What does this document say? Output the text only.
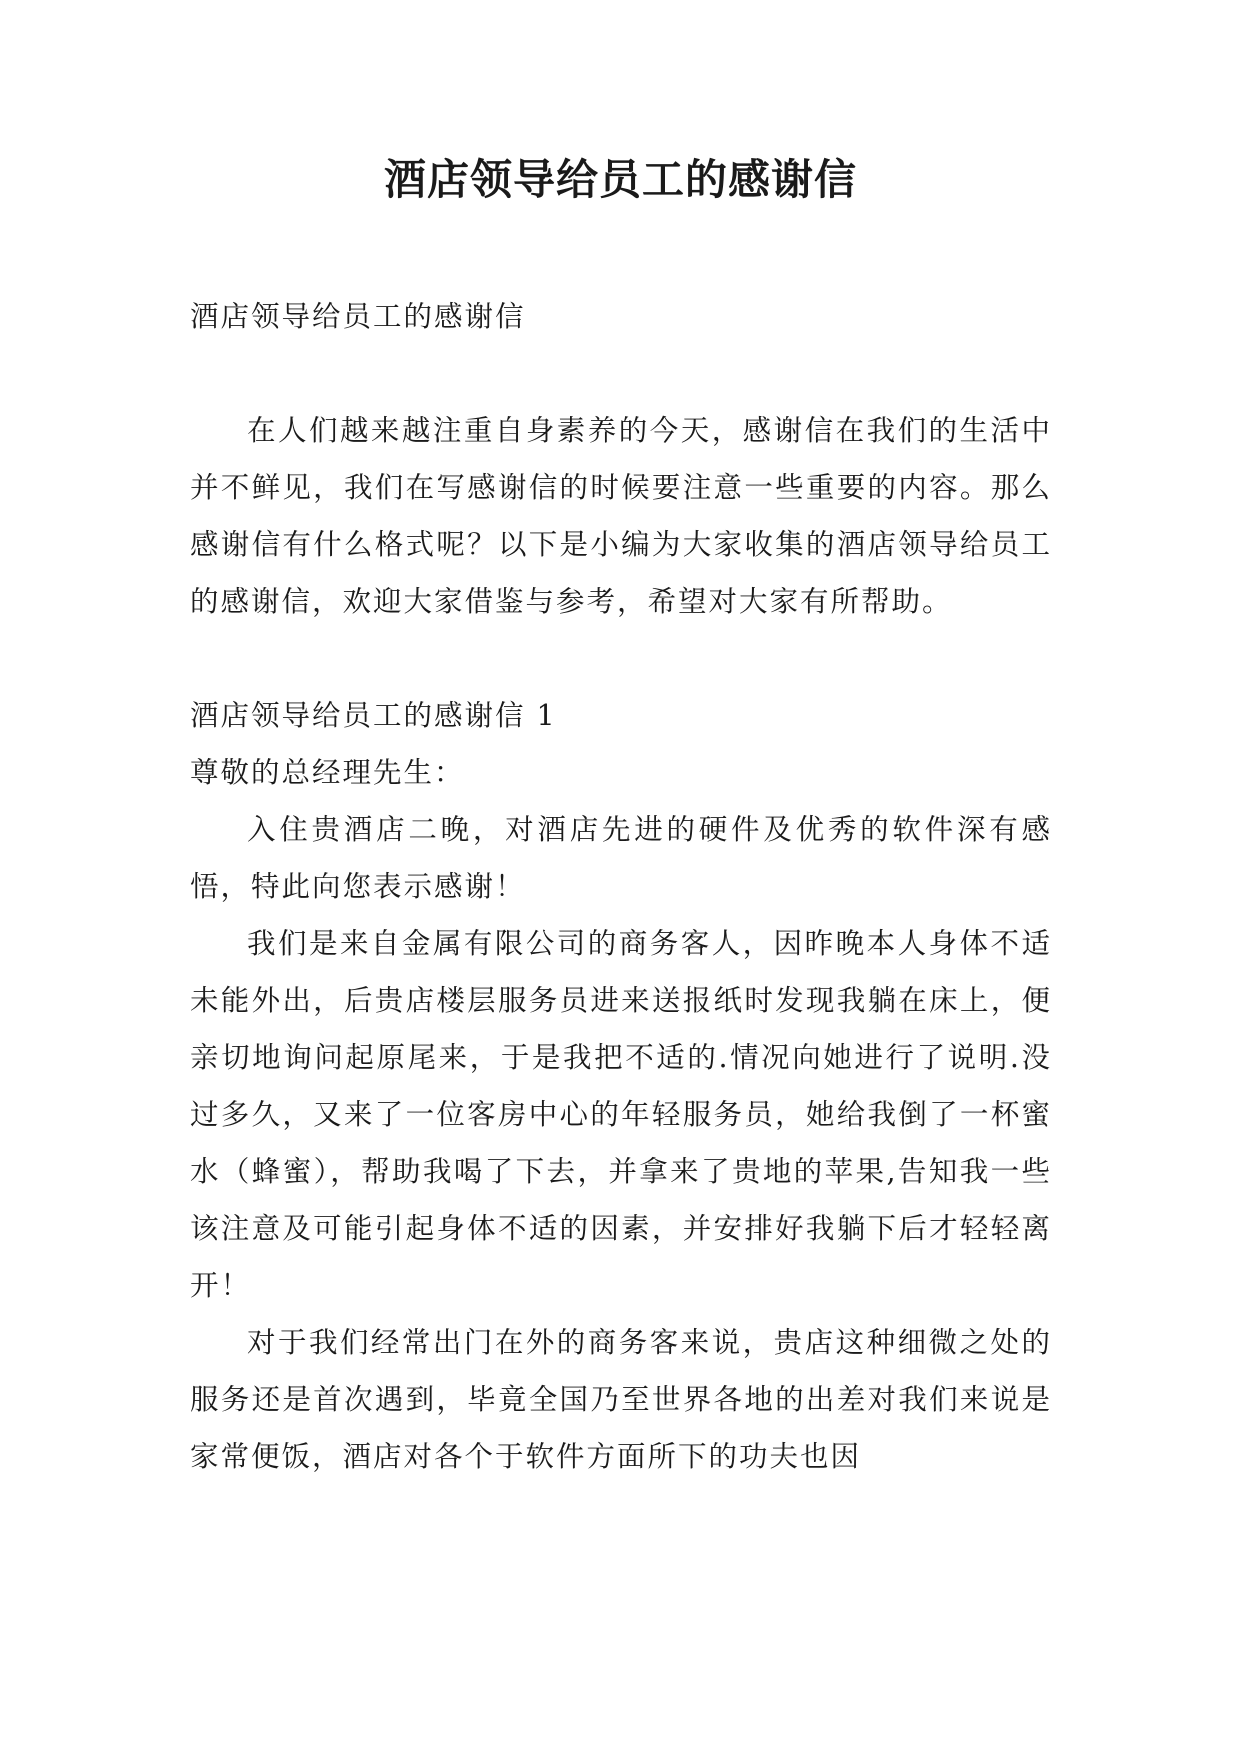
酒店领导给员工的感谢信

酒店领导给员工的感谢信

在人们越来越注重自身素养的今天，感谢信在我们的生活中并不鲜见，我们在写感谢信的时候要注意一些重要的内容。那么感谢信有什么格式呢？以下是小编为大家收集的酒店领导给员工的感谢信，欢迎大家借鉴与参考，希望对大家有所帮助。

酒店领导给员工的感谢信 1

尊敬的总经理先生：

入住贵酒店二晚，对酒店先进的硬件及优秀的软件深有感悟，特此向您表示感谢！

我们是来自金属有限公司的商务客人，因昨晚本人身体不适未能外出，后贵店楼层服务员进来送报纸时发现我躺在床上，便亲切地询问起原尾来，于是我把不适的.情况向她进行了说明.没过多久，又来了一位客房中心的年轻服务员，她给我倒了一杯蜜水（蜂蜜），帮助我喝了下去，并拿来了贵地的苹果,告知我一些该注意及可能引起身体不适的因素，并安排好我躺下后才轻轻离开！

对于我们经常出门在外的商务客来说，贵店这种细微之处的服务还是首次遇到，毕竟全国乃至世界各地的出差对我们来说是家常便饭，酒店对各个于软件方面所下的功夫也因
